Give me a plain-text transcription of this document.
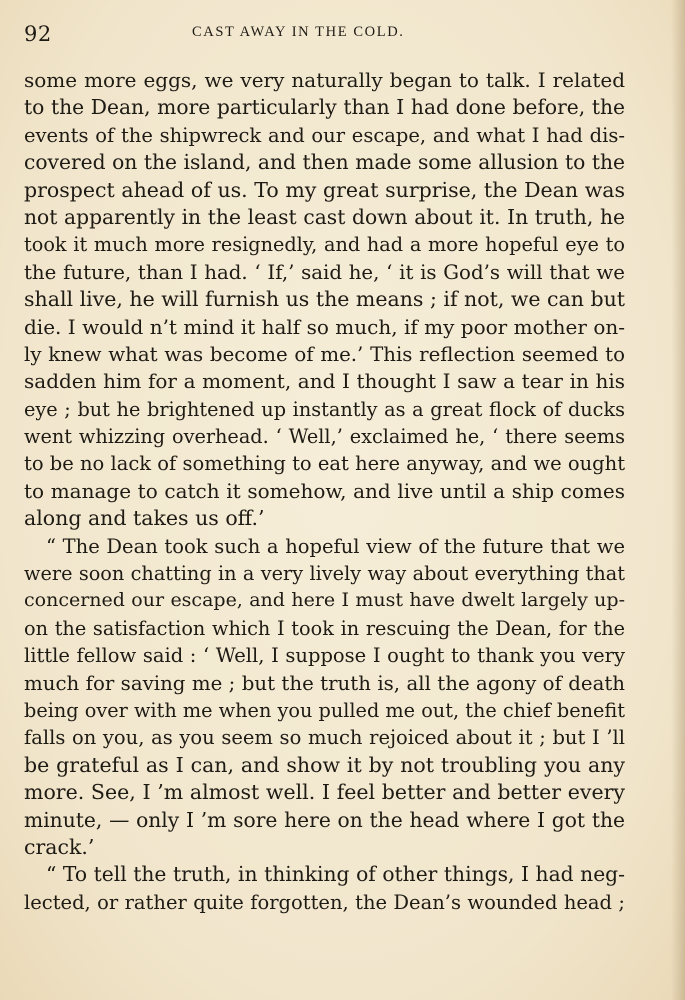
92	CAST AWAY IN THE COLD.
some more eggs, we very naturally began to talk. I related
to the Dean, more particularly than I had done before, the
events of the shipwreck and our escape, and what I had dis-
covered on the island, and then made some allusion to the
prospect ahead of us. To my great surprise, the Dean was
not apparently in the least cast down about it. In truth, he
took it much more resignedly, and had a more hopeful eye to
the future, than I had. ‘ If,’ said he, ‘ it is God’s will that we
shall live, he will furnish us the means ; if not, we can but
die. I would n’t mind it half so much, if my poor mother on-
ly knew what was become of me.’ This reflection seemed to
sadden him for a moment, and I thought I saw a tear in his
eye ; but he brightened up instantly as a great flock of ducks
went whizzing overhead. ‘ Well,’ exclaimed he, ‘ there seems
to be no lack of something to eat here anyway, and we ought
to manage to catch it somehow, and live until a ship comes
along and takes us off.’
“ The Dean took such a hopeful view of the future that we
were soon chatting in a very lively way about everything that
concerned our escape, and here I must have dwelt largely up-
on the satisfaction which I took in rescuing the Dean, for the
little fellow said : ‘ Well, I suppose I ought to thank you very
much for saving me ; but the truth is, all the agony of death
being over with me when you pulled me out, the chief benefit
falls on you, as you seem so much rejoiced about it ; but I ’ll
be grateful as I can, and show it by not troubling you any
more. See, I ’m almost well. I feel better and better every
minute, — only I ’m sore here on the head where I got the
crack.’
“ To tell the truth, in thinking of other things, I had neg-
lected, or rather quite forgotten, the Dean’s wounded head ;
